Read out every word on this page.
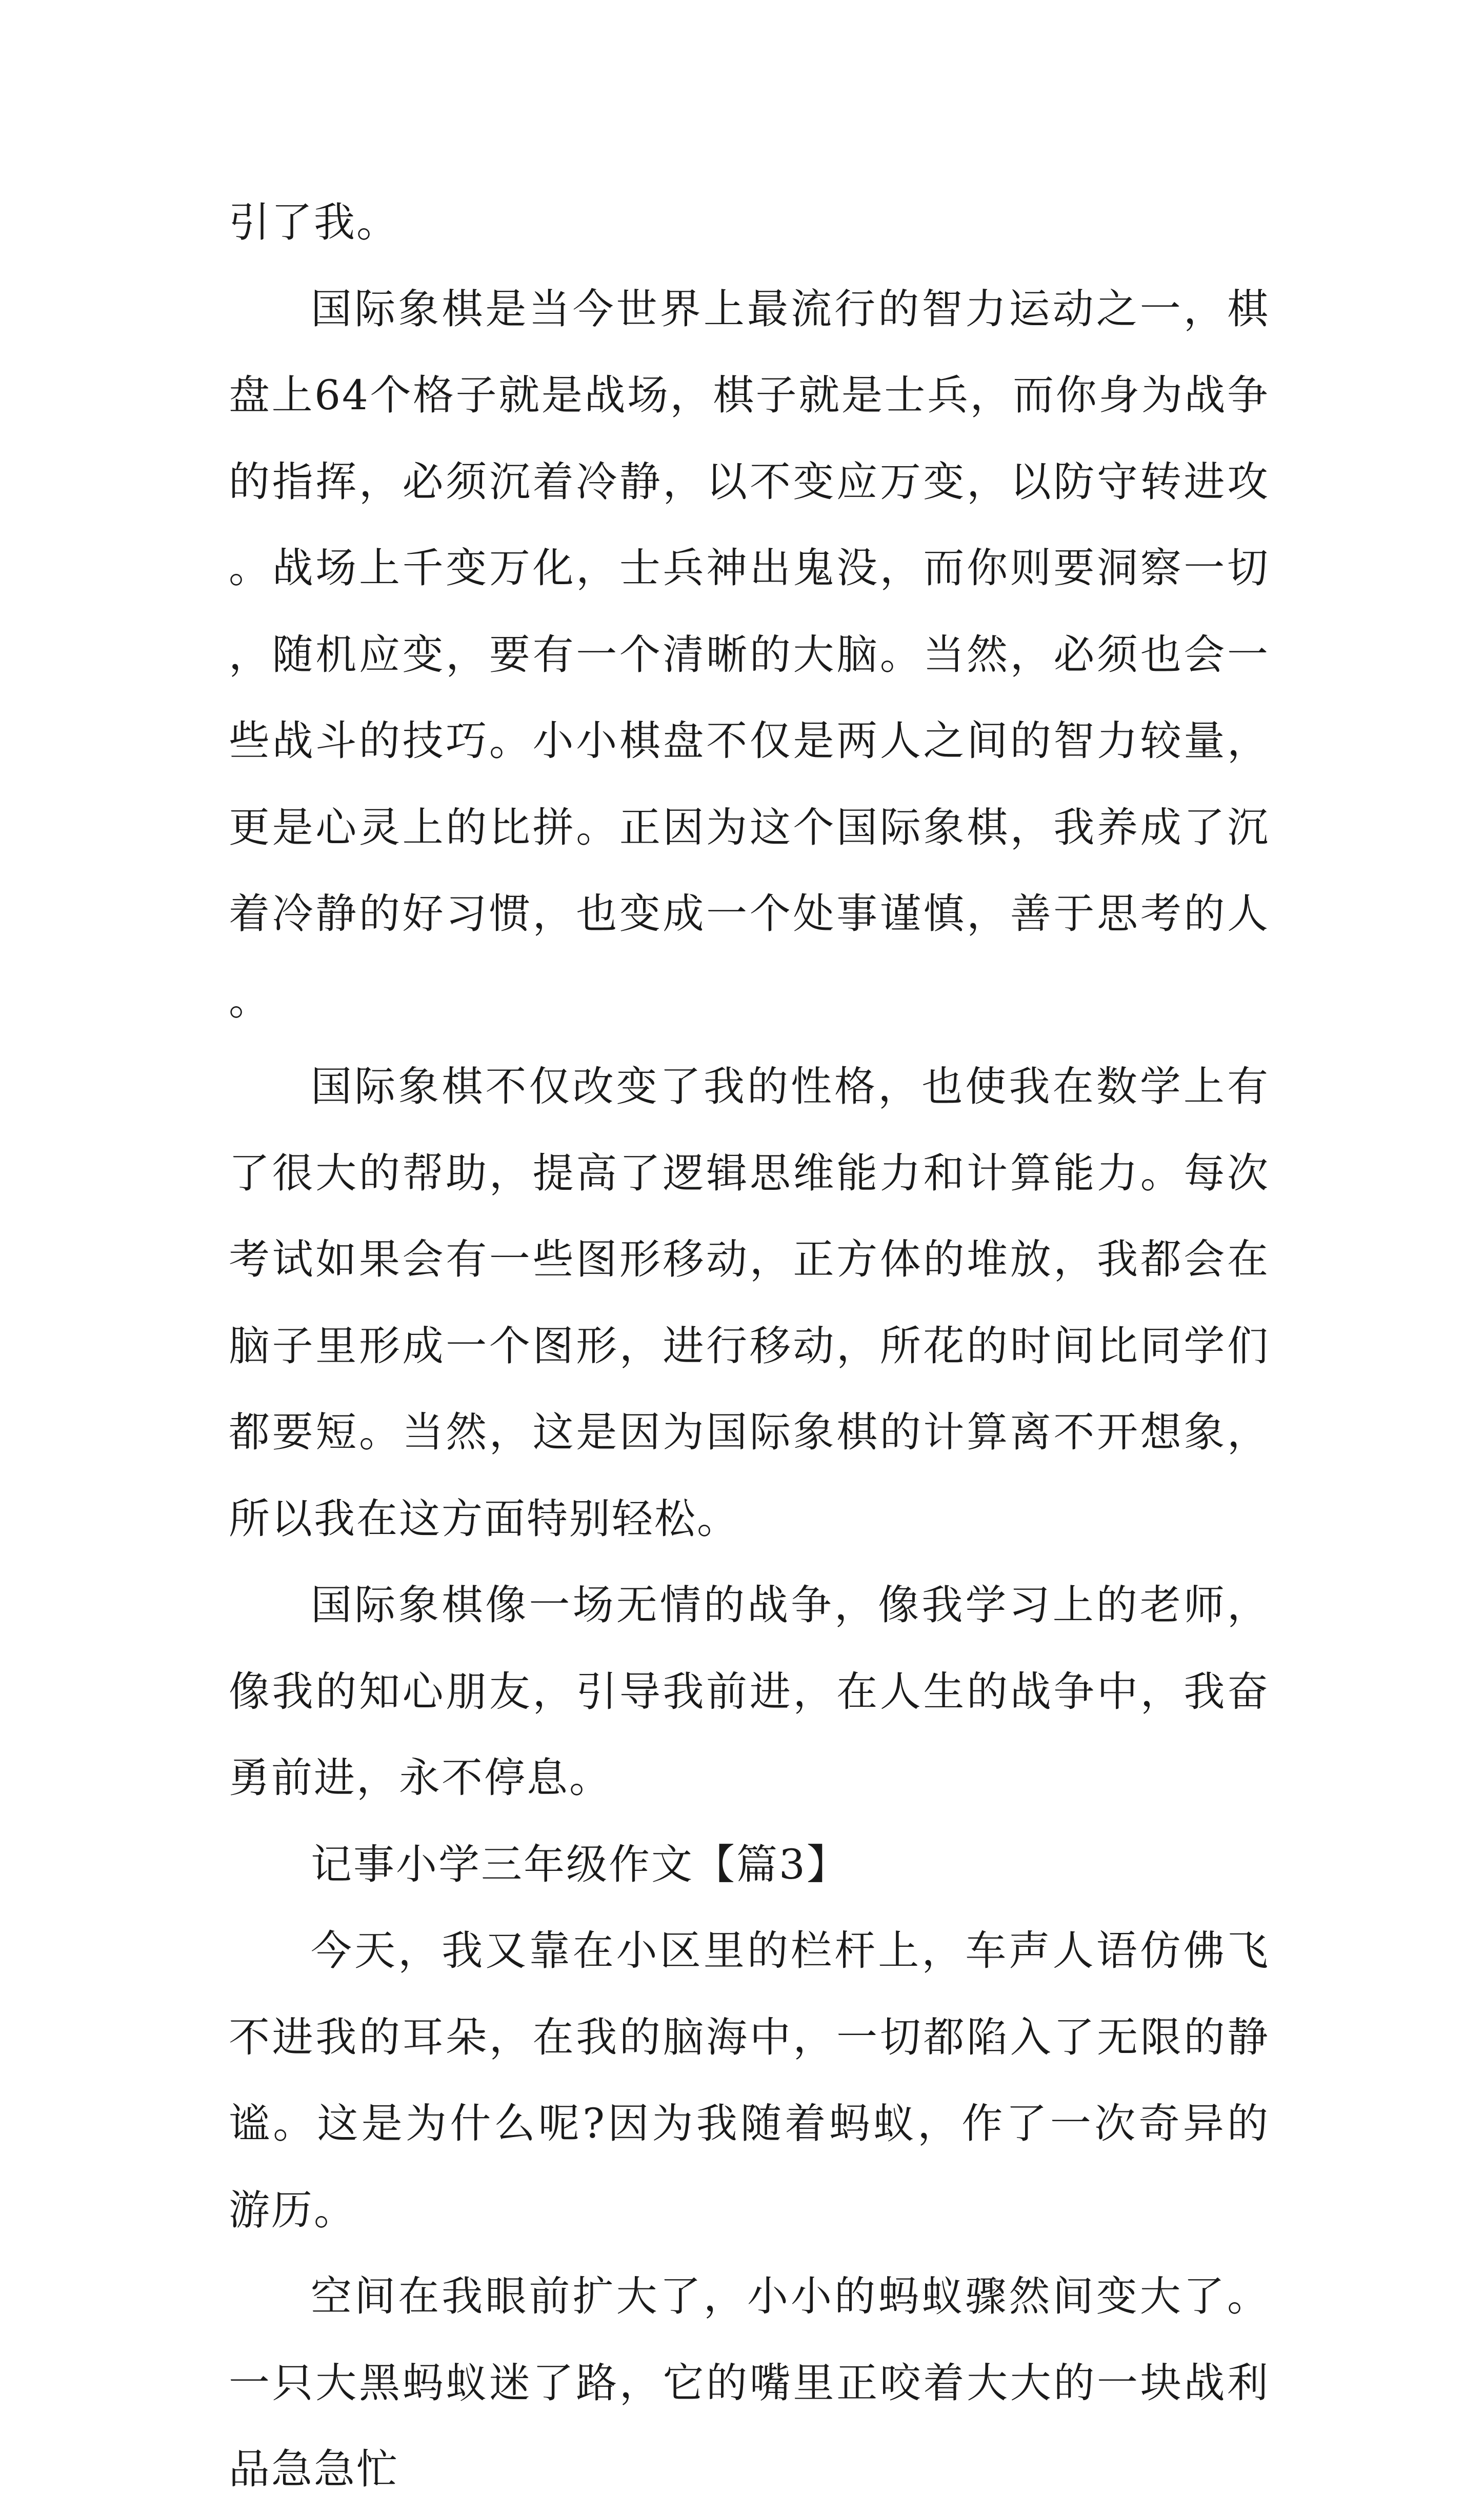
引了我。

国际象棋是当今世界上最流行的智力运动之一，棋盘上64个格子就是战场，棋子就是士兵，而你身为战争的指挥，必须沉着冷静，以不变应万变，以防守转进攻。战场上千变万化，士兵神出鬼没，而你则要洞察一切，随机应变，要有一个清晰的大脑。当然，必须也会一些战斗的技巧。小小棋盘不仅是两人之间的智力较量，更是心灵上的比拼。正因为这个国际象棋，我养成了沉着冷静的好习惯，也变成一个处事谨慎，善于思考的人。

国际象棋不仅改变了我的性格，也使我在数学上有了很大的帮助，提高了逻辑思维能力和计算能力。每次考试如果会有一些图形移动，正方体的堆放，我都会在脑子里形成一个图形，进行移动，所花的时间比同学们都要短。当然，这是因为国际象棋的计算离不开想象，所以我在这方面特别轻松。

国际象棋像一场无情的战争，像我学习上的老师，像我的知心朋友，引导我前进，在人生的战争中，我奋勇前进，永不停息。

记事小学三年级作文【篇3】

今天，我又靠在小区里的栏杆上，车声人语仿佛飞不进我的耳朵，在我的脑海中，一切都陷入了无限的静谧。这是为什么呢?因为我随着蚂蚁，作了一次奇异的游历。

空间在我眼前扩大了，小小的蚂蚁骤然间变大了。一只大黑蚂蚁迷了路，它的嘴里正咬着大大的一块战利品急急忙
